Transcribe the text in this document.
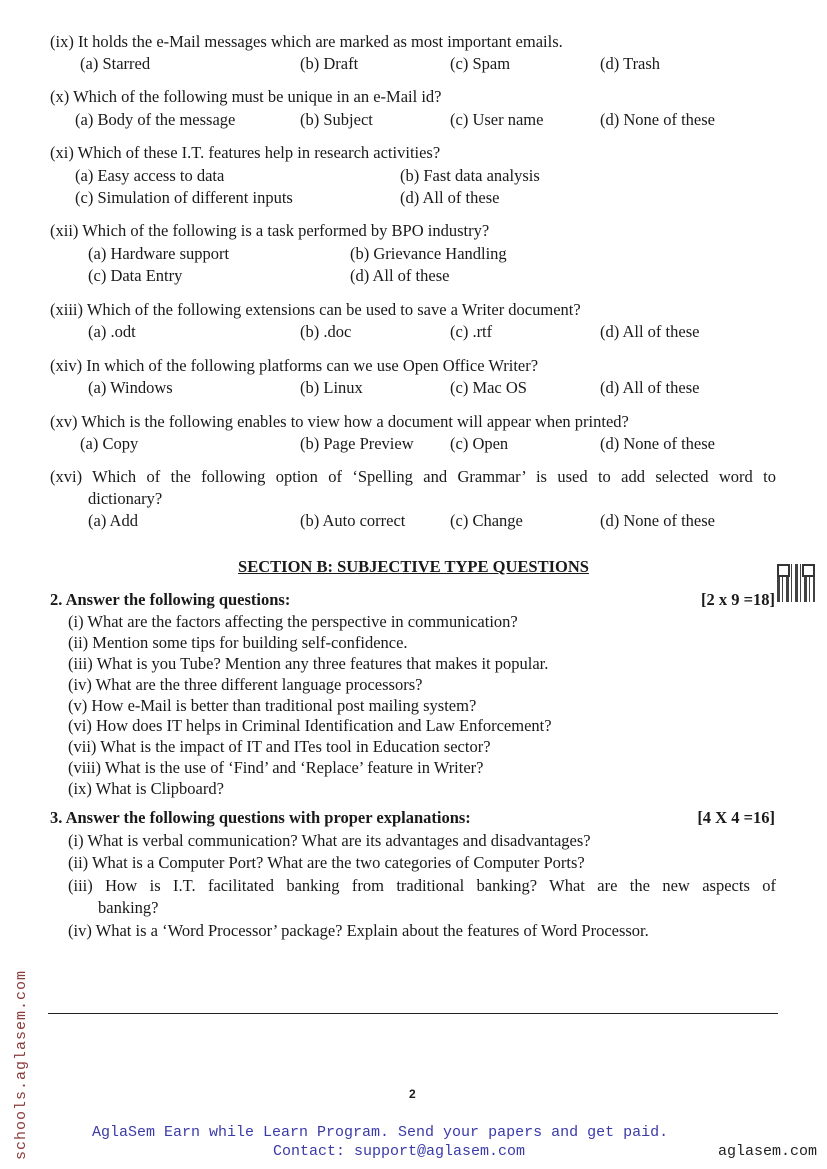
(ix) It holds the e-Mail messages which are marked as most important emails.
(a) Starred	(b) Draft	(c) Spam	(d) Trash
(x) Which of the following must be unique in an e-Mail id?
(a) Body of the message	(b) Subject	(c) User name	(d) None of these
(xi) Which of these I.T. features help in research activities?
(a) Easy access to data	(b) Fast data analysis
(c) Simulation of different inputs	(d) All of these
(xii) Which of the following is a task performed by BPO industry?
(a) Hardware support	(b) Grievance Handling
(c) Data Entry	(d) All of these
(xiii) Which of the following extensions can be used to save a Writer document?
(a) .odt	(b) .doc	(c) .rtf	(d) All of these
(xiv) In which of the following platforms can we use Open Office Writer?
(a) Windows	(b) Linux	(c) Mac OS	(d) All of these
(xv) Which is the following enables to view how a document will appear when printed?
(a) Copy	(b) Page Preview (c) Open	(d) None of these
(xvi) Which of the following option of ‘Spelling and Grammar’ is used to add selected word to
dictionary?
(a) Add	(b) Auto correct	(c) Change	(d) None of these
SECTION B: SUBJECTIVE TYPE QUESTIONS
2. Answer the following questions:	[2 x 9 =18]
(i) What are the factors affecting the perspective in communication?
(ii) Mention some tips for building self-confidence.
(iii) What is you Tube? Mention any three features that makes it popular.
(iv) What are the three different language processors?
(v) How e-Mail is better than traditional post mailing system?
(vi) How does IT helps in Criminal Identification and Law Enforcement?
(vii) What is the impact of IT and ITes tool in Education sector?
(viii) What is the use of ‘Find’ and ‘Replace’ feature in Writer?
(ix) What is Clipboard?
3. Answer the following questions with proper explanations:	[4 X 4 =16]
(i) What is verbal communication? What are its advantages and disadvantages?
(ii) What is a Computer Port? What are the two categories of Computer Ports?
(iii) How is I.T. facilitated banking from traditional banking? What are the new aspects of
banking?
(iv) What is a ‘Word Processor’ package? Explain about the features of Word Processor.
2
AglaSem Earn while Learn Program. Send your papers and get paid.
Contact: support@aglasem.com	aglasem.com
schools.aglasem.com
